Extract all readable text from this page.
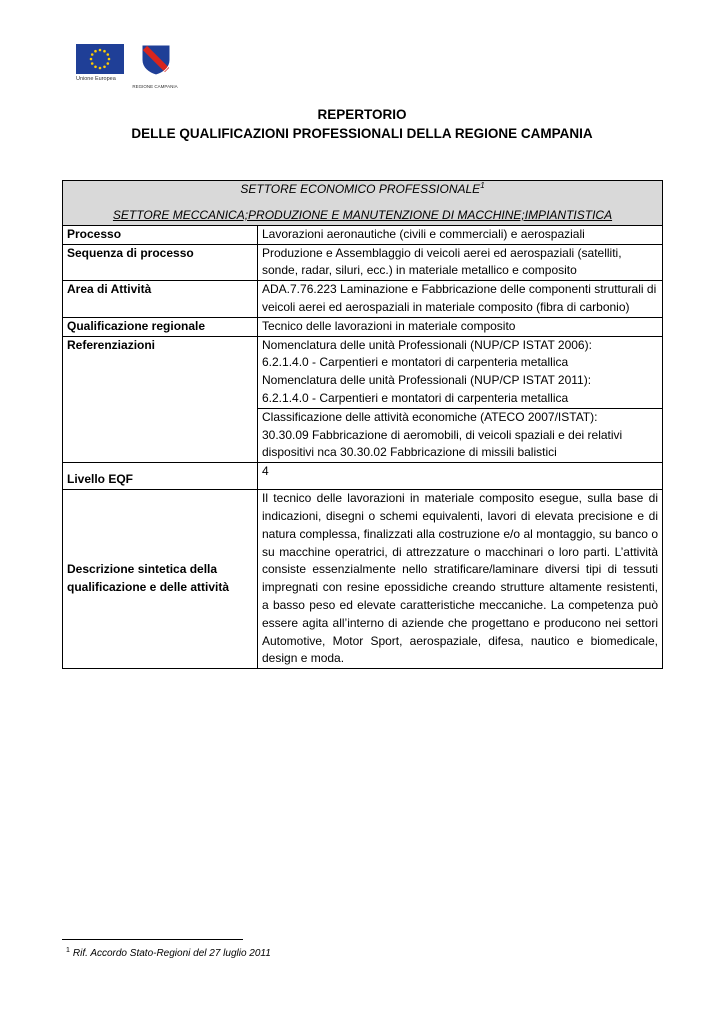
Unione Europea
REGIONE CAMPANIA
REPERTORIO
DELLE QUALIFICAZIONI PROFESSIONALI DELLA REGIONE CAMPANIA
SETTORE ECONOMICO PROFESSIONALE$^1$
SETTORE MECCANICA;PRODUZIONE E MANUTENZIONE DI MACCHINE;IMPIANTISTICA	

Processo	Lavorazioni aeronautiche (civili e commerciali) e aerospaziali
Sequenza di processo	Produzione e Assemblaggio di veicoli aerei ed aerospaziali (satelliti, sonde, radar, siluri, ecc.) in materiale metallico e composito
Area di Attività	ADA.7.76.223 Laminazione e Fabbricazione delle componenti strutturali di veicoli aerei ed aerospaziali in materiale composito (fibra di carbonio)
Qualificazione regionale	Tecnico delle lavorazioni in materiale composito
Referenziazioni	Nomenclatura delle unità Professionali (NUP/CP ISTAT 2006):
6.2.1.4.0 - Carpentieri e montatori di carpenteria metallica
Nomenclatura delle unità Professionali (NUP/CP ISTAT 2011):
6.2.1.4.0 - Carpentieri e montatori di carpenteria metallica

	Classificazione delle attività economiche (ATECO 2007/ISTAT):
30.30.09 Fabbricazione di aeromobili, di veicoli spaziali e dei relativi dispositivi nca 30.30.02 Fabbricazione di missili balistici

Livello EQF	4
Descrizione sintetica della qualificazione e delle attività	Il tecnico delle lavorazioni in materiale composito esegue, sulla base di indicazioni, disegni o schemi equivalenti, lavori di elevata precisione e di natura complessa, finalizzati alla costruzione e/o al montaggio, su banco o su macchine operatrici, di attrezzature o macchinari o loro parti. L’attività consiste essenzialmente nello stratificare/laminare diversi tipi di tessuti impregnati con resine epossidiche creando strutture altamente resistenti, a basso peso ed elevate caratteristiche meccaniche. La competenza può essere agita all’interno di aziende che progettano e producono nei settori Automotive, Motor Sport, aerospaziale, difesa, nautico e biomedicale, design e moda.
$^1$ Rif. Accordo Stato-Regioni del 27 luglio 2011
